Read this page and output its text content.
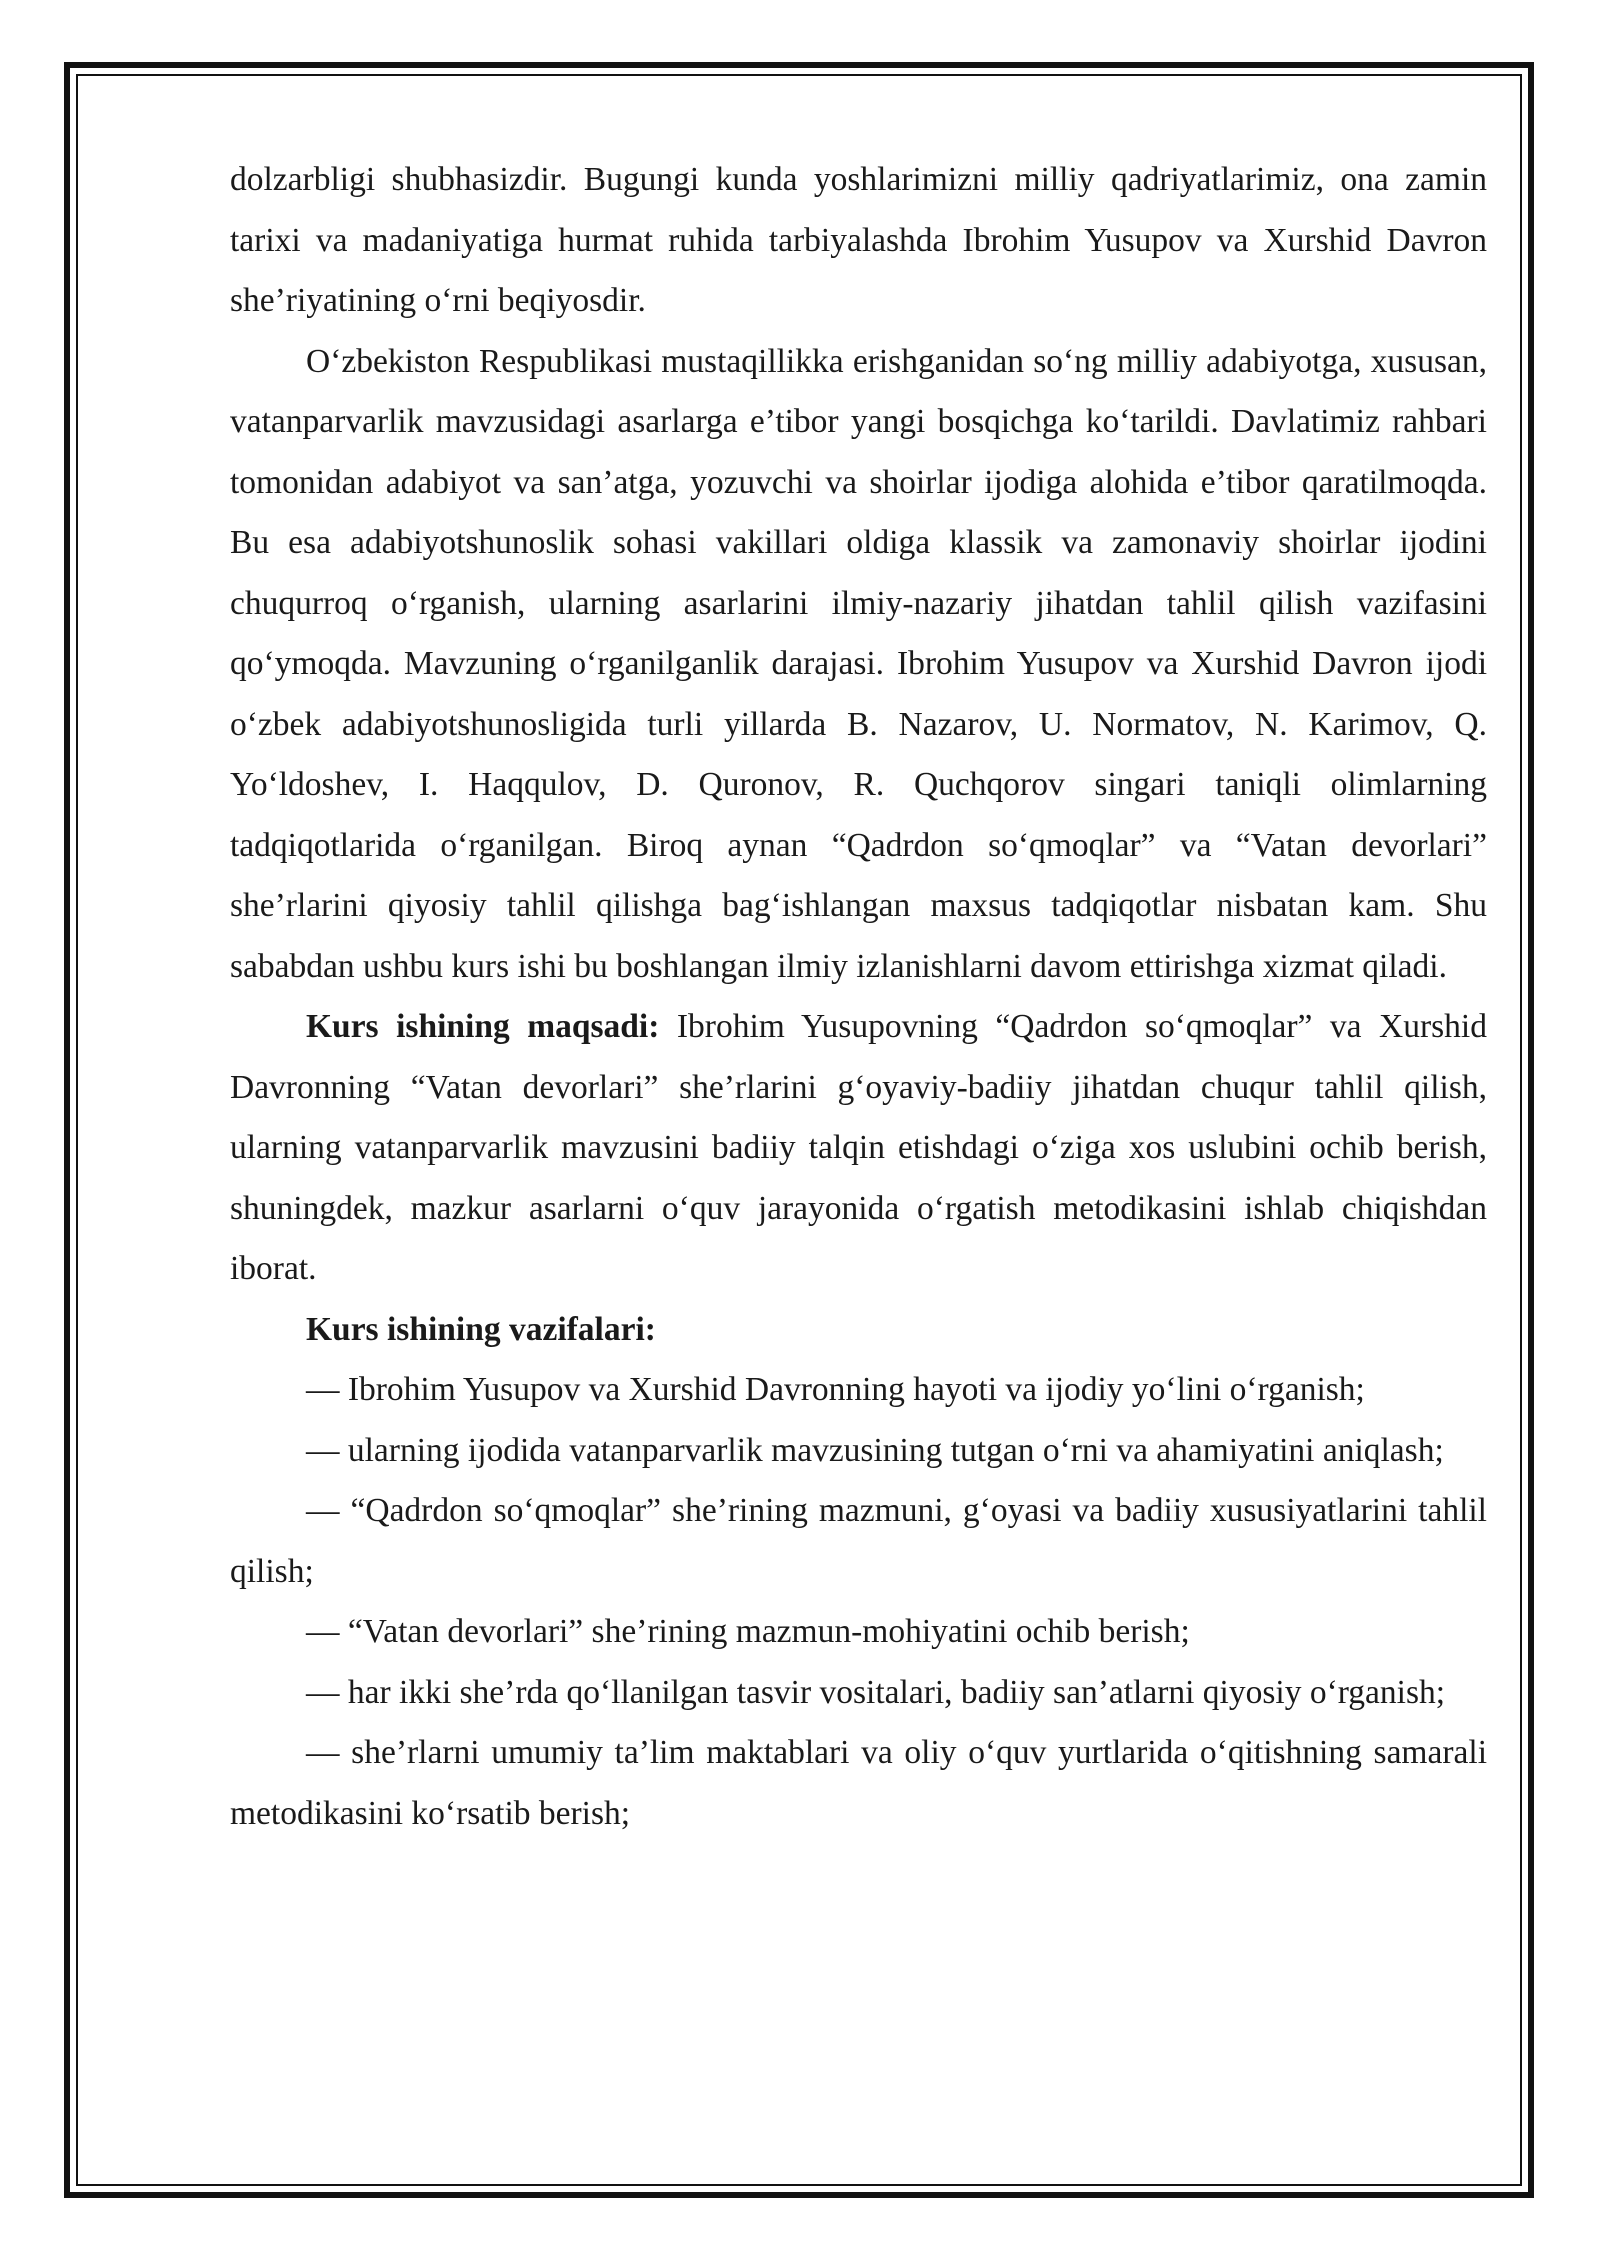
dolzarbligi shubhasizdir. Bugungi kunda yoshlarimizni milliy qadriyatlarimiz, ona zamin tarixi va madaniyatiga hurmat ruhida tarbiyalashda Ibrohim Yusupov va Xurshid Davron she’riyatining o‘rni beqiyosdir.

O‘zbekiston Respublikasi mustaqillikka erishganidan so‘ng milliy adabiyotga, xususan, vatanparvarlik mavzusidagi asarlarga e’tibor yangi bosqichga ko‘tarildi. Davlatimiz rahbari tomonidan adabiyot va san’atga, yozuvchi va shoirlar ijodiga alohida e’tibor qaratilmoqda. Bu esa adabiyotshunoslik sohasi vakillari oldiga klassik va zamonaviy shoirlar ijodini chuqurroq o‘rganish, ularning asarlarini ilmiy-nazariy jihatdan tahlil qilish vazifasini qo‘ymoqda. Mavzuning o‘rganilganlik darajasi. Ibrohim Yusupov va Xurshid Davron ijodi o‘zbek adabiyotshunosligida turli yillarda B. Nazarov, U. Normatov, N. Karimov, Q. Yo‘ldoshev, I. Haqqulov, D. Quronov, R. Quchqorov singari taniqli olimlarning tadqiqotlarida o‘rganilgan. Biroq aynan “Qadrdon so‘qmoqlar” va “Vatan devorlari” she’rlarini qiyosiy tahlil qilishga bag‘ishlangan maxsus tadqiqotlar nisbatan kam. Shu sababdan ushbu kurs ishi bu boshlangan ilmiy izlanishlarni davom ettirishga xizmat qiladi.

Kurs ishining maqsadi: Ibrohim Yusupovning “Qadrdon so‘qmoqlar” va Xurshid Davronning “Vatan devorlari” she’rlarini g‘oyaviy-badiiy jihatdan chuqur tahlil qilish, ularning vatanparvarlik mavzusini badiiy talqin etishdagi o‘ziga xos uslubini ochib berish, shuningdek, mazkur asarlarni o‘quv jarayonida o‘rgatish metodikasini ishlab chiqishdan iborat.

Kurs ishining vazifalari:

— Ibrohim Yusupov va Xurshid Davronning hayoti va ijodiy yo‘lini o‘rganish;

— ularning ijodida vatanparvarlik mavzusining tutgan o‘rni va ahamiyatini aniqlash;

— “Qadrdon so‘qmoqlar” she’rining mazmuni, g‘oyasi va badiiy xususiyatlarini tahlil qilish;

— “Vatan devorlari” she’rining mazmun-mohiyatini ochib berish;

— har ikki she’rda qo‘llanilgan tasvir vositalari, badiiy san’atlarni qiyosiy o‘rganish;

— she’rlarni umumiy ta’lim maktablari va oliy o‘quv yurtlarida o‘qitishning samarali metodikasini ko‘rsatib berish;
